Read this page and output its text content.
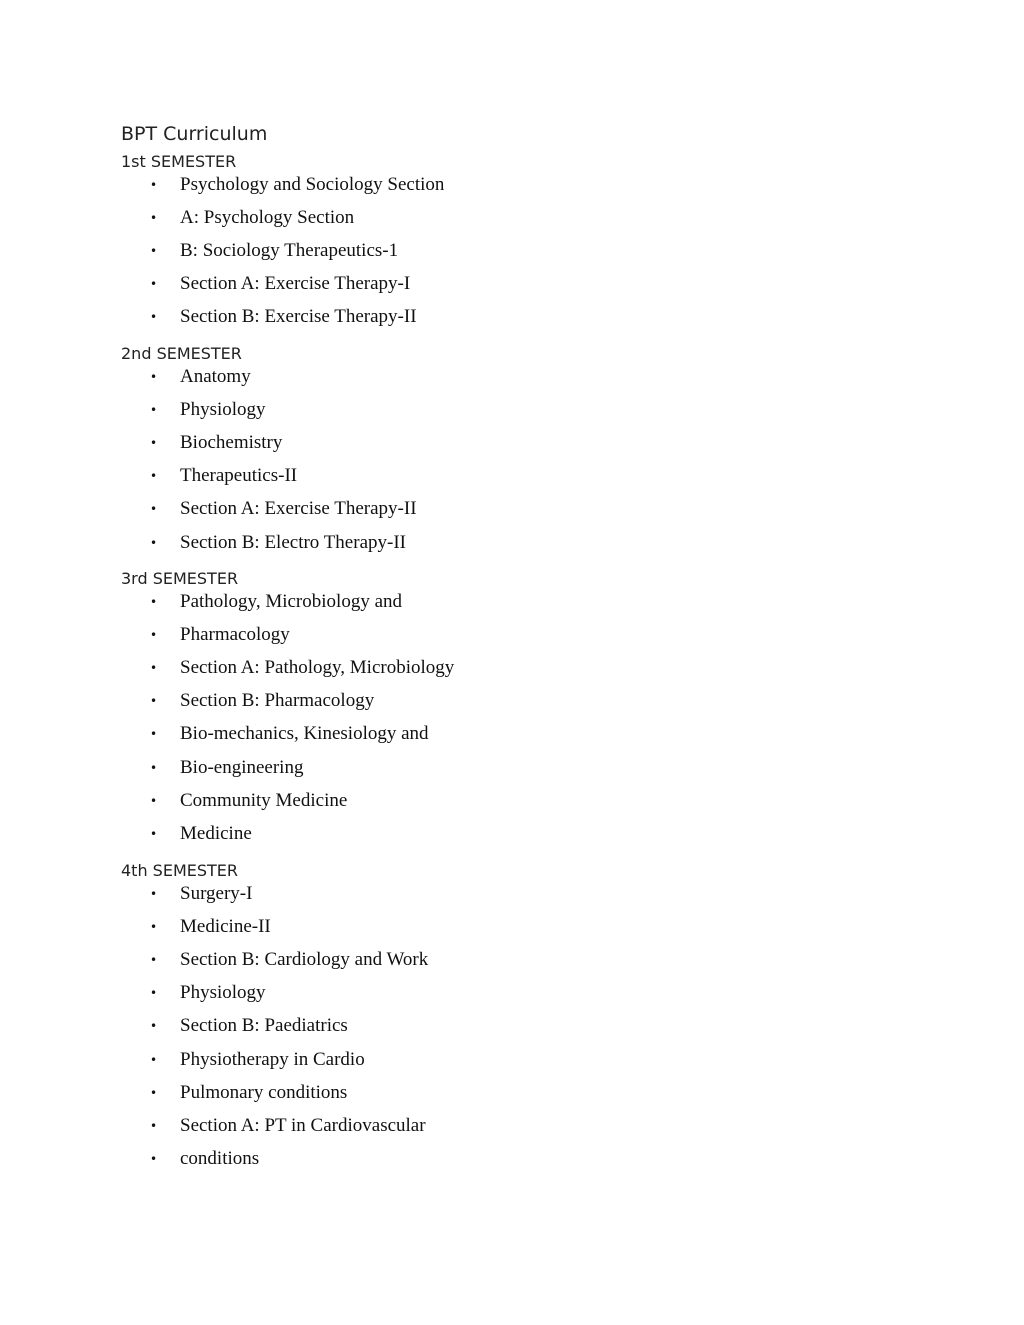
BPT Curriculum
1st SEMESTER
•	Psychology and Sociology Section
•	A: Psychology Section
•	B: Sociology Therapeutics-1
•	Section A: Exercise Therapy-I
•	Section B: Exercise Therapy-II
2nd SEMESTER
•	Anatomy
•	Physiology
•	Biochemistry
•	Therapeutics-II
•	Section A: Exercise Therapy-II
•	Section B: Electro Therapy-II
3rd SEMESTER
•	Pathology, Microbiology and
•	Pharmacology
•	Section A: Pathology, Microbiology
•	Section B: Pharmacology
•	Bio-mechanics, Kinesiology and
•	Bio-engineering
•	Community Medicine
•	Medicine
4th SEMESTER
•	Surgery-I
•	Medicine-II
•	Section B: Cardiology and Work
•	Physiology
•	Section B: Paediatrics
•	Physiotherapy in Cardio
•	Pulmonary conditions
•	Section A: PT in Cardiovascular
•	conditions
